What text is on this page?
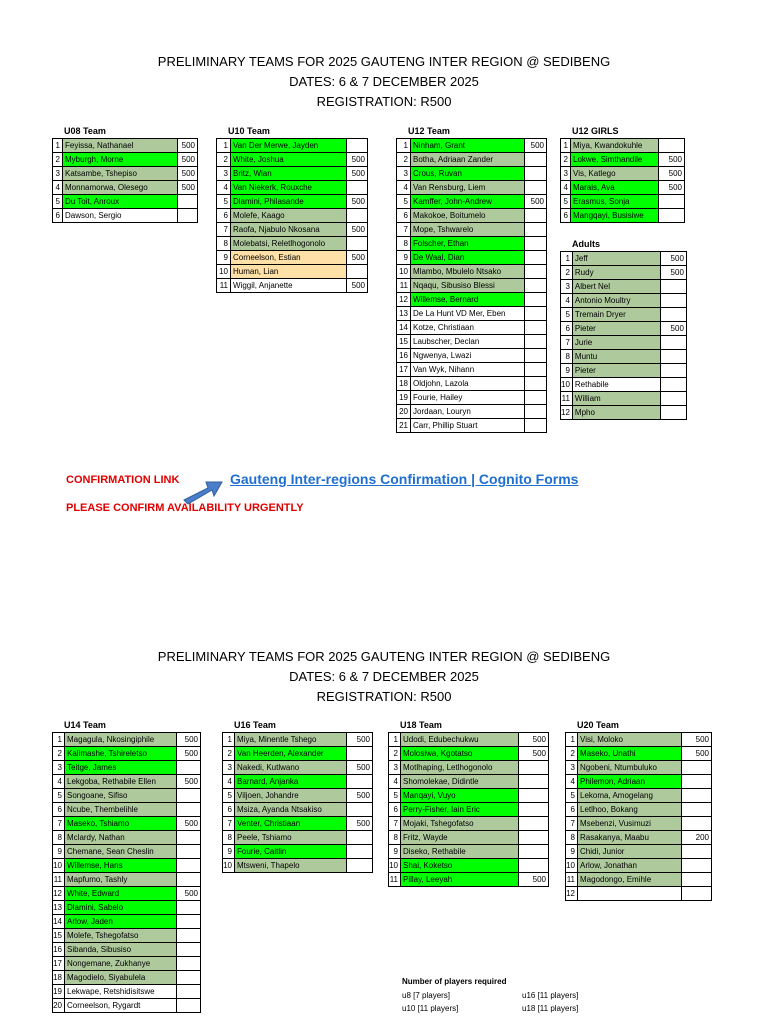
PRELIMINARY TEAMS FOR 2025 GAUTENG INTER REGION @ SEDIBENG
DATES: 6 & 7 DECEMBER 2025
REGISTRATION: R500
U08 Team
1	Feyissa, Nathanael	500
2	Myburgh, Morne	500
3	Katsambe, Tshepiso	500
4	Monnamorwa, Olesego	500
5	Du Toit, Anroux	
6	Dawson, Sergio	
U10 Team
1	Van Der Merwe, Jayden	
2	White, Joshua	500
3	Britz, Wian	500
4	Van Niekerk, Rouxche	
5	Dlamini, Philasande	500
6	Molefe, Kaago	
7	Raofa, Njabulo Nkosana	500
8	Molebatsi, Reletlhogonolo	
9	Corneelson, Estian	500
10	Human, Lian	
11	Wiggil, Anjanette	500
U12 Team
1	Ninham, Grant	500
2	Botha, Adriaan Zander	
3	Crous, Ruvan	
4	Van Rensburg, Liem	
5	Kamffer, John-Andrew	500
6	Makokoe, Boitumelo	
7	Mope, Tshwarelo	
8	Folscher, Ethan	
9	De Waal, Dian	
10	Mlambo, Mbulelo Ntsako	
11	Nqaqu, Sibusiso Blessi	
12	Willemse, Bernard	
13	De La Hunt VD Mer, Eben	
14	Kotze, Christiaan	
15	Laubscher, Declan	
16	Ngwenya, Lwazi	
17	Van Wyk, Nihann	
18	Oldjohn, Lazola	
19	Fourie, Hailey	
20	Jordaan, Louryn	
21	Carr, Phillip Stuart	
U12 GIRLS
1	Miya, Kwandokuhle	
2	Lokwe, Simthandile	500
3	Vis, Katlego	500
4	Marais, Ava	500
5	Erasmus, Sonja	
6	Mangqayi, Busisiwe	
Adults
1	Jeff	500
2	Rudy	500
3	Albert Nel	
4	Antonio Moultry	
5	Tremain Dryer	
6	Pieter	500
7	Jurie	
8	Muntu	
9	Pieter	
10	Rethabile	
11	William	
12	Mpho	
CONFIRMATION LINK	Gauteng Inter-regions Confirmation | Cognito Forms
PLEASE CONFIRM AVAILABILITY URGENTLY
PRELIMINARY TEAMS FOR 2025 GAUTENG INTER REGION @ SEDIBENG
DATES: 6 & 7 DECEMBER 2025
REGISTRATION: R500
U14 Team
1	Magagula, Nkosingiphile	500
2	Kalimashe, Tshireletso	500
3	Teitge, James	
4	Lekgoba, Rethabile Ellen	500
5	Songoane, Sifiso	
6	Ncube, Thembelihle	
7	Maseko, Tshiamo	500
8	Mclardy, Nathan	
9	Chemane, Sean Cheslin	
10	Willemse, Hans	
11	Mapfumo, Tashly	
12	White, Edward	500
13	Dlamini, Sabelo	
14	Arlow, Jaden	
15	Molefe, Tshegofatso	
16	Sibanda, Sibusiso	
17	Nongemane, Zukhanye	
18	Magodielo, Siyabulela	
19	Lekwape, Retshidisitswe	
20	Corneelson, Rygardt	
U16 Team
1	Miya, Minentle Tshego	500
2	Van Heerden, Alexander	
3	Nakedi, Kutlwano	500
4	Barnard, Anjanka	
5	Viljoen, Johandre	500
6	Msiza, Ayanda Ntsakiso	
7	Venter, Christiaan	500
8	Peele, Tshiamo	
9	Fourie, Caitlin	
10	Mtsweni, Thapelo	
U18 Team
1	Udodi, Edubechukwu	500
2	Molosiwa, Kgotatso	500
3	Motlhaping, Letlhogonolo	
4	Shomolekae, Didintle	
5	Manqayi, Vuyo	
6	Perry-Fisher, Iain Eric	
7	Mojaki, Tshegofatso	
8	Fritz, Wayde	
9	Diseko, Rethabile	
10	Shai, Koketso	
11	Pillay, Leeyah	500
U20 Team
1	Visi, Moloko	500
2	Maseko, Unathi	500
3	Ngobeni, Ntumbuluko	
4	Philemon, Adriaan	
5	Lekoma, Amogelang	
6	Letlhoo, Bokang	
7	Msebenzi, Vusimuzi	
8	Rasakanya, Maabu	200
9	Chidi, Junior	
10	Arlow, Jonathan	
11	Magodongo, Emihle	
12		
Number of players required
u8 [7 players]	u16 [11 players]
u10 [11 players]	u18 [11 players]
